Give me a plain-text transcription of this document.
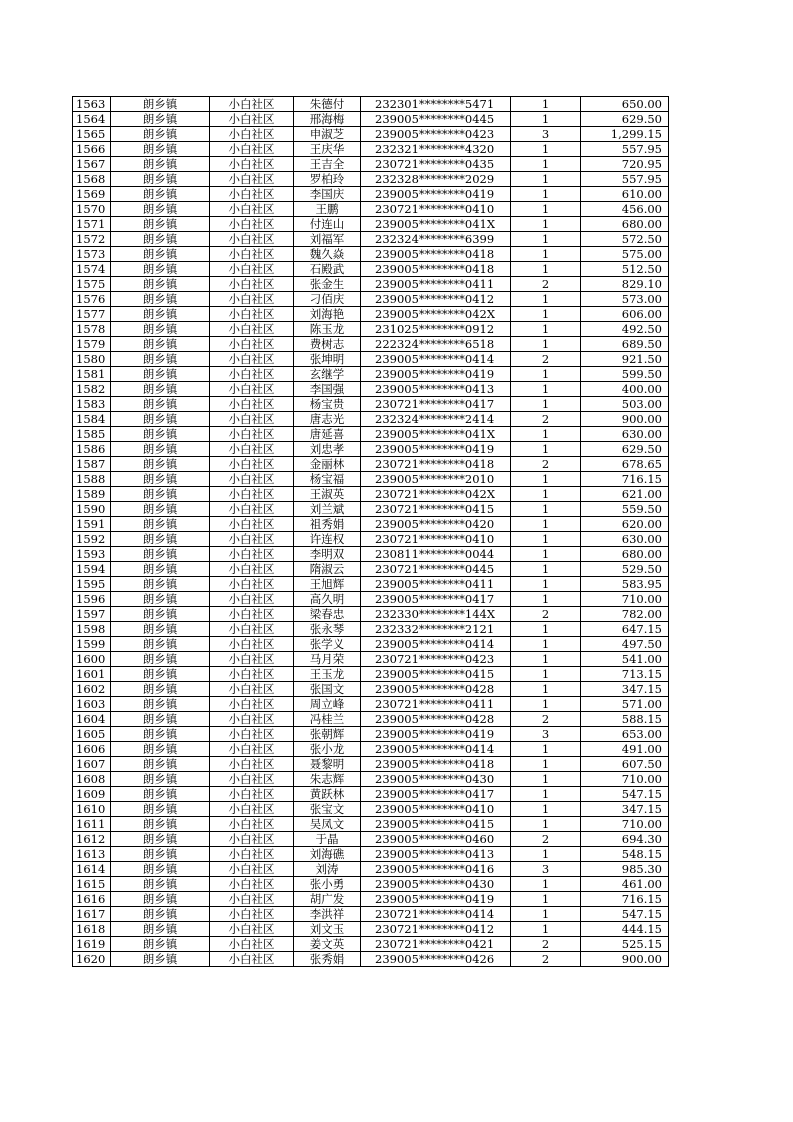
1563	朗乡镇	小白社区	朱德付	232301********5471	1	650.00
1564	朗乡镇	小白社区	邢海梅	239005********0445	1	629.50
1565	朗乡镇	小白社区	申淑芝	239005********0423	3	1,299.15
1566	朗乡镇	小白社区	王庆华	232321********4320	1	557.95
1567	朗乡镇	小白社区	王吉全	230721********0435	1	720.95
1568	朗乡镇	小白社区	罗柏玲	232328********2029	1	557.95
1569	朗乡镇	小白社区	李国庆	239005********0419	1	610.00
1570	朗乡镇	小白社区	王鹏	230721********0410	1	456.00
1571	朗乡镇	小白社区	付连山	239005********041X	1	680.00
1572	朗乡镇	小白社区	刘福军	232324********6399	1	572.50
1573	朗乡镇	小白社区	魏久焱	239005********0418	1	575.00
1574	朗乡镇	小白社区	石殿武	239005********0418	1	512.50
1575	朗乡镇	小白社区	张金生	239005********0411	2	829.10
1576	朗乡镇	小白社区	刁佰庆	239005********0412	1	573.00
1577	朗乡镇	小白社区	刘海艳	239005********042X	1	606.00
1578	朗乡镇	小白社区	陈玉龙	231025********0912	1	492.50
1579	朗乡镇	小白社区	费树志	222324********6518	1	689.50
1580	朗乡镇	小白社区	张坤明	239005********0414	2	921.50
1581	朗乡镇	小白社区	玄继学	239005********0419	1	599.50
1582	朗乡镇	小白社区	李国强	239005********0413	1	400.00
1583	朗乡镇	小白社区	杨宝贵	230721********0417	1	503.00
1584	朗乡镇	小白社区	唐志光	232324********2414	2	900.00
1585	朗乡镇	小白社区	唐延喜	239005********041X	1	630.00
1586	朗乡镇	小白社区	刘忠孝	239005********0419	1	629.50
1587	朗乡镇	小白社区	金丽林	230721********0418	2	678.65
1588	朗乡镇	小白社区	杨宝福	239005********2010	1	716.15
1589	朗乡镇	小白社区	王淑英	230721********042X	1	621.00
1590	朗乡镇	小白社区	刘兰斌	230721********0415	1	559.50
1591	朗乡镇	小白社区	祖秀娟	239005********0420	1	620.00
1592	朗乡镇	小白社区	许连权	230721********0410	1	630.00
1593	朗乡镇	小白社区	李明双	230811********0044	1	680.00
1594	朗乡镇	小白社区	隋淑云	230721********0445	1	529.50
1595	朗乡镇	小白社区	王旭辉	239005********0411	1	583.95
1596	朗乡镇	小白社区	高久明	239005********0417	1	710.00
1597	朗乡镇	小白社区	梁春忠	232330********144X	2	782.00
1598	朗乡镇	小白社区	张永琴	232332********2121	1	647.15
1599	朗乡镇	小白社区	张学义	239005********0414	1	497.50
1600	朗乡镇	小白社区	马月荣	230721********0423	1	541.00
1601	朗乡镇	小白社区	王玉龙	239005********0415	1	713.15
1602	朗乡镇	小白社区	张国文	239005********0428	1	347.15
1603	朗乡镇	小白社区	周立峰	230721********0411	1	571.00
1604	朗乡镇	小白社区	冯桂兰	239005********0428	2	588.15
1605	朗乡镇	小白社区	张朝辉	239005********0419	3	653.00
1606	朗乡镇	小白社区	张小龙	239005********0414	1	491.00
1607	朗乡镇	小白社区	聂黎明	239005********0418	1	607.50
1608	朗乡镇	小白社区	朱志辉	239005********0430	1	710.00
1609	朗乡镇	小白社区	黄跃林	239005********0417	1	547.15
1610	朗乡镇	小白社区	张宝文	239005********0410	1	347.15
1611	朗乡镇	小白社区	吴凤文	239005********0415	1	710.00
1612	朗乡镇	小白社区	于晶	239005********0460	2	694.30
1613	朗乡镇	小白社区	刘海礁	239005********0413	1	548.15
1614	朗乡镇	小白社区	刘涛	239005********0416	3	985.30
1615	朗乡镇	小白社区	张小勇	239005********0430	1	461.00
1616	朗乡镇	小白社区	胡广发	239005********0419	1	716.15
1617	朗乡镇	小白社区	李洪祥	230721********0414	1	547.15
1618	朗乡镇	小白社区	刘文玉	230721********0412	1	444.15
1619	朗乡镇	小白社区	姜文英	230721********0421	2	525.15
1620	朗乡镇	小白社区	张秀娟	239005********0426	2	900.00
